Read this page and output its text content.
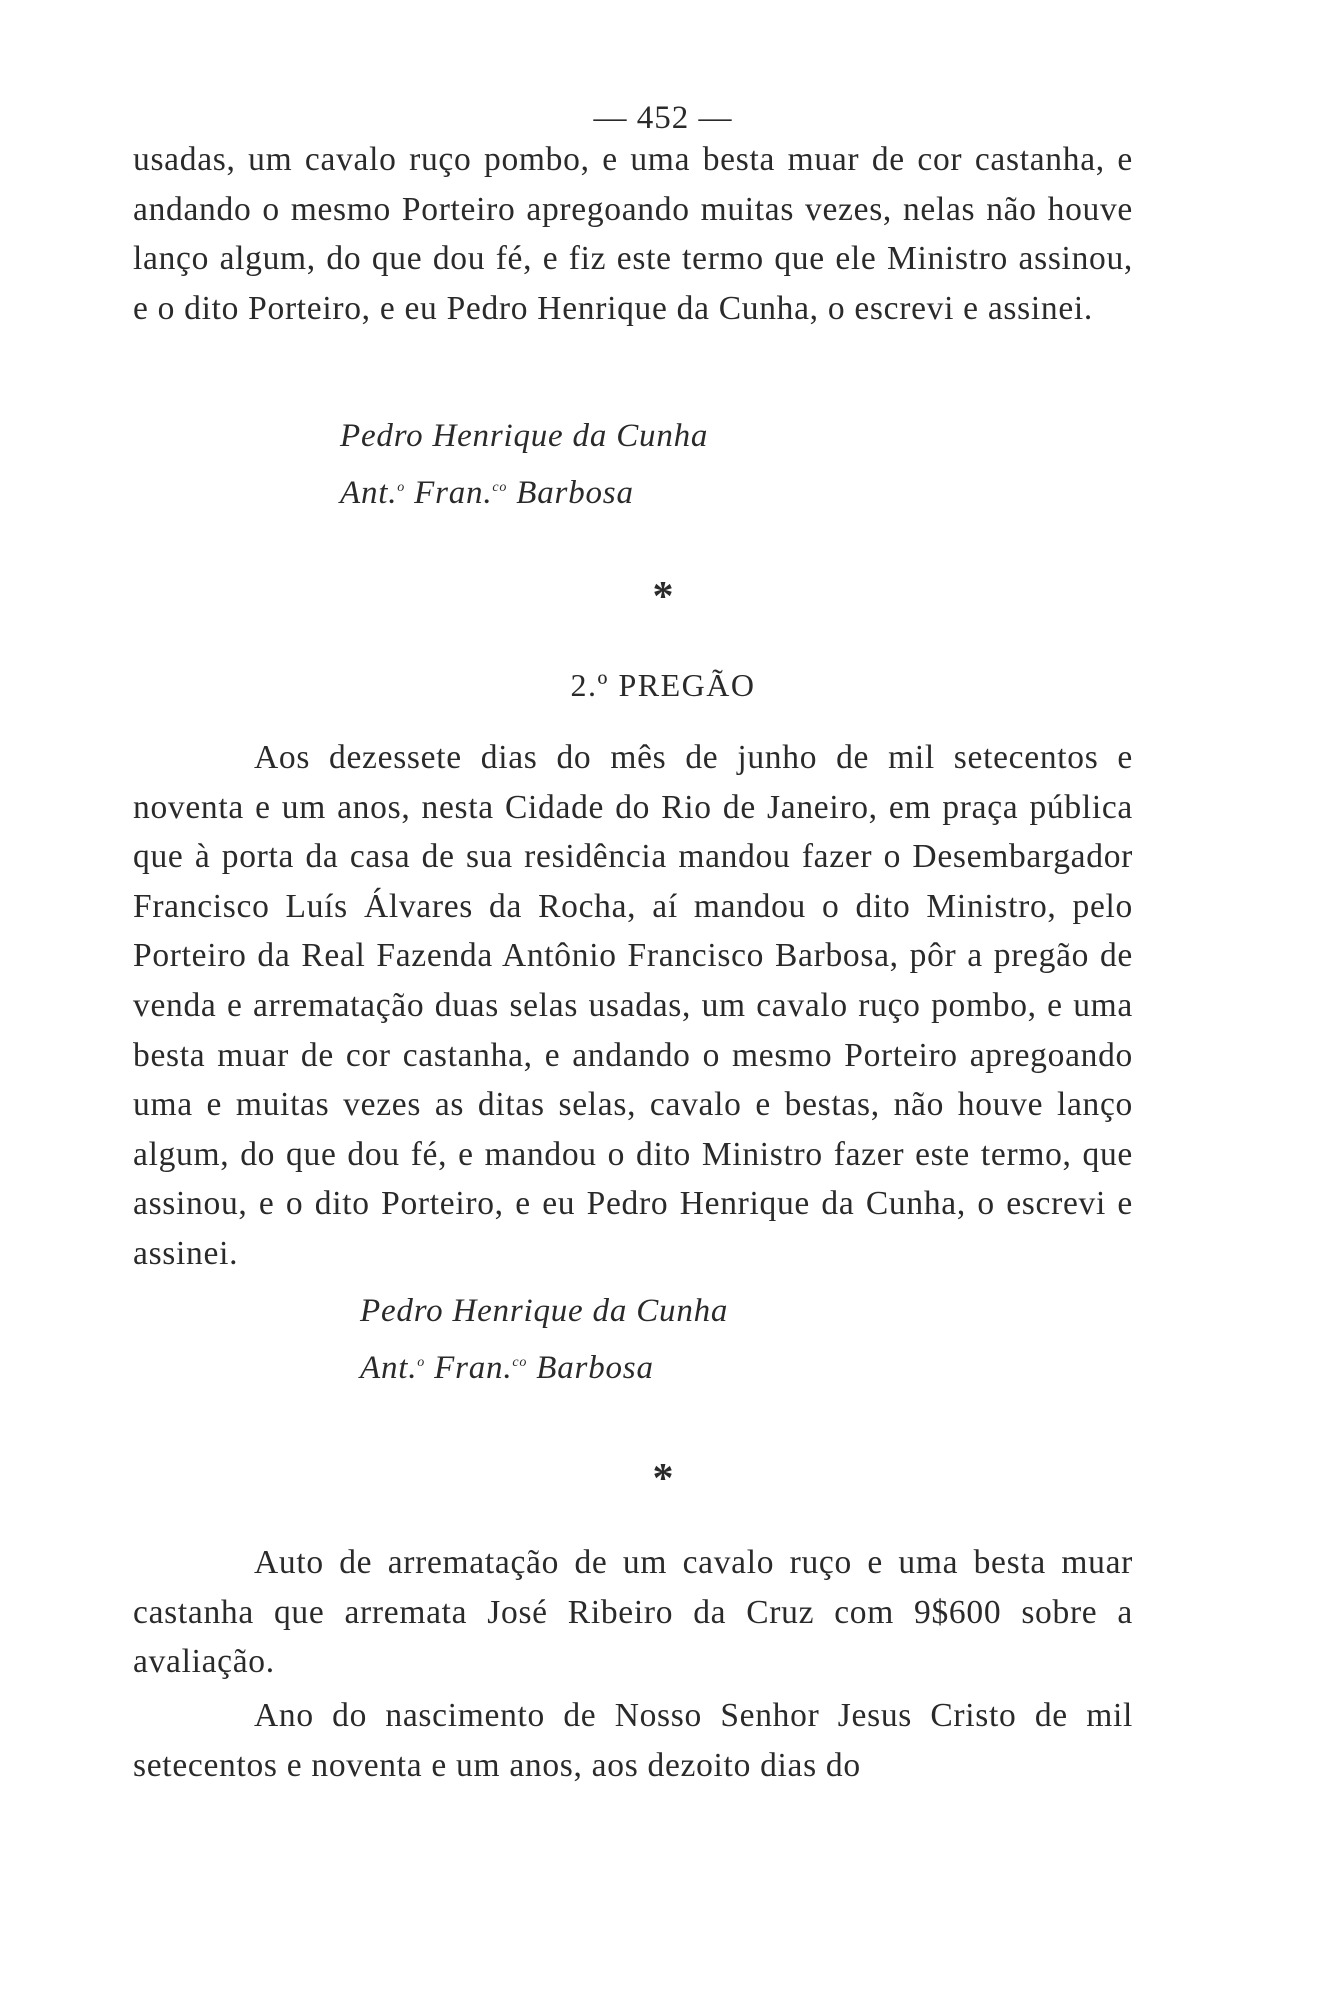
— 452 —

usadas, um cavalo ruço pombo, e uma besta muar de cor castanha, e andando o mesmo Porteiro apregoando muitas vezes, nelas não houve lanço algum, do que dou fé, e fiz este termo que ele Ministro assinou, e o dito Porteiro, e eu Pedro Henrique da Cunha, o escrevi e assinei.

Pedro Henrique da Cunha
Ant.$^o$ Fran.$^{co}$ Barbosa
*
2.º PREGÃO

Aos dezessete dias do mês de junho de mil setecentos e noventa e um anos, nesta Cidade do Rio de Janeiro, em praça pública que à porta da casa de sua residência mandou fazer o Desembargador Francisco Luís Álvares da Rocha, aí mandou o dito Ministro, pelo Porteiro da Real Fazenda Antônio Francisco Barbosa, pôr a pregão de venda e arrematação duas selas usadas, um cavalo ruço pombo, e uma besta muar de cor castanha, e andando o mesmo Porteiro apregoando uma e muitas vezes as ditas selas, cavalo e bestas, não houve lanço algum, do que dou fé, e mandou o dito Ministro fazer este termo, que assinou, e o dito Porteiro, e eu Pedro Henrique da Cunha, o escrevi e assinei.

Pedro Henrique da Cunha
Ant.$^o$ Fran.$^{co}$ Barbosa
*

Auto de arrematação de um cavalo ruço e uma besta muar castanha que arremata José Ribeiro da Cruz com 9$600 sobre a avaliação.

Ano do nascimento de Nosso Senhor Jesus Cristo de mil setecentos e noventa e um anos, aos dezoito dias do
